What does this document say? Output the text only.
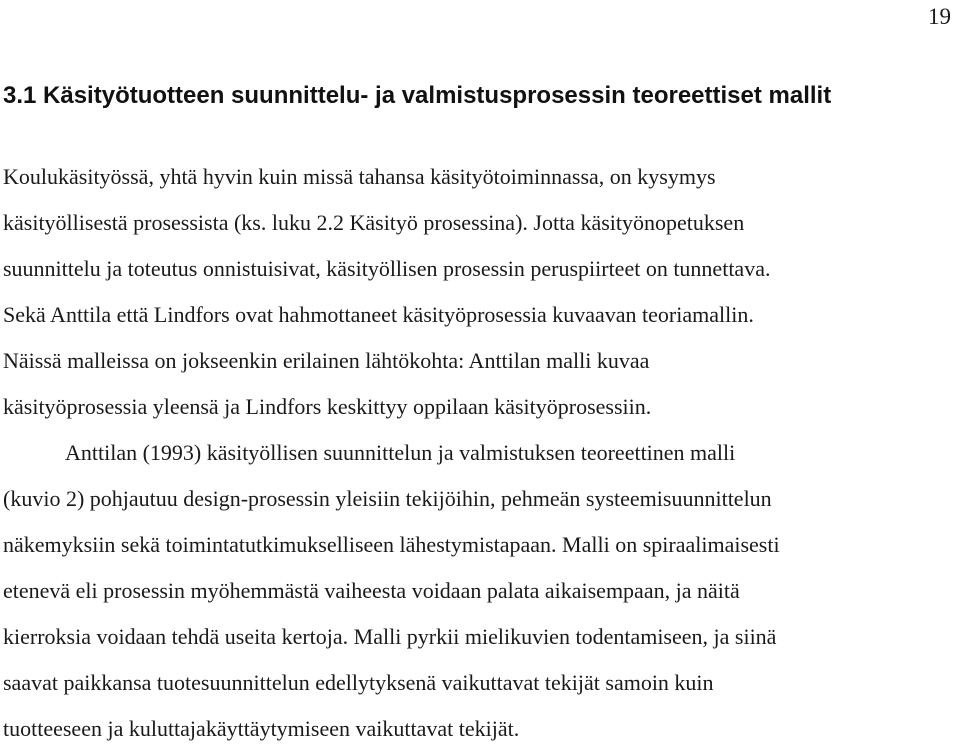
19
3.1 Käsityötuotteen suunnittelu- ja valmistusprosessin teoreettiset mallit
Koulukäsityössä, yhtä hyvin kuin missä tahansa käsityötoiminnassa, on kysymys
käsityöllisestä prosessista (ks. luku 2.2 Käsityö prosessina). Jotta käsityönopetuksen
suunnittelu ja toteutus onnistuisivat, käsityöllisen prosessin peruspiirteet on tunnettava.
Sekä Anttila että Lindfors ovat hahmottaneet käsityöprosessia kuvaavan teoriamallin.
Näissä malleissa on jokseenkin erilainen lähtökohta: Anttilan malli kuvaa
käsityöprosessia yleensä ja Lindfors keskittyy oppilaan käsityöprosessiin.
Anttilan (1993) käsityöllisen suunnittelun ja valmistuksen teoreettinen malli
(kuvio 2) pohjautuu design-prosessin yleisiin tekijöihin, pehmeän systeemisuunnittelun
näkemyksiin sekä toimintatutkimukselliseen lähestymistapaan. Malli on spiraalimaisesti
etenevä eli prosessin myöhemmästä vaiheesta voidaan palata aikaisempaan, ja näitä
kierroksia voidaan tehdä useita kertoja. Malli pyrkii mielikuvien todentamiseen, ja siinä
saavat paikkansa tuotesuunnittelun edellytyksenä vaikuttavat tekijät samoin kuin
tuotteeseen ja kuluttajakäyttäytymiseen vaikuttavat tekijät.
